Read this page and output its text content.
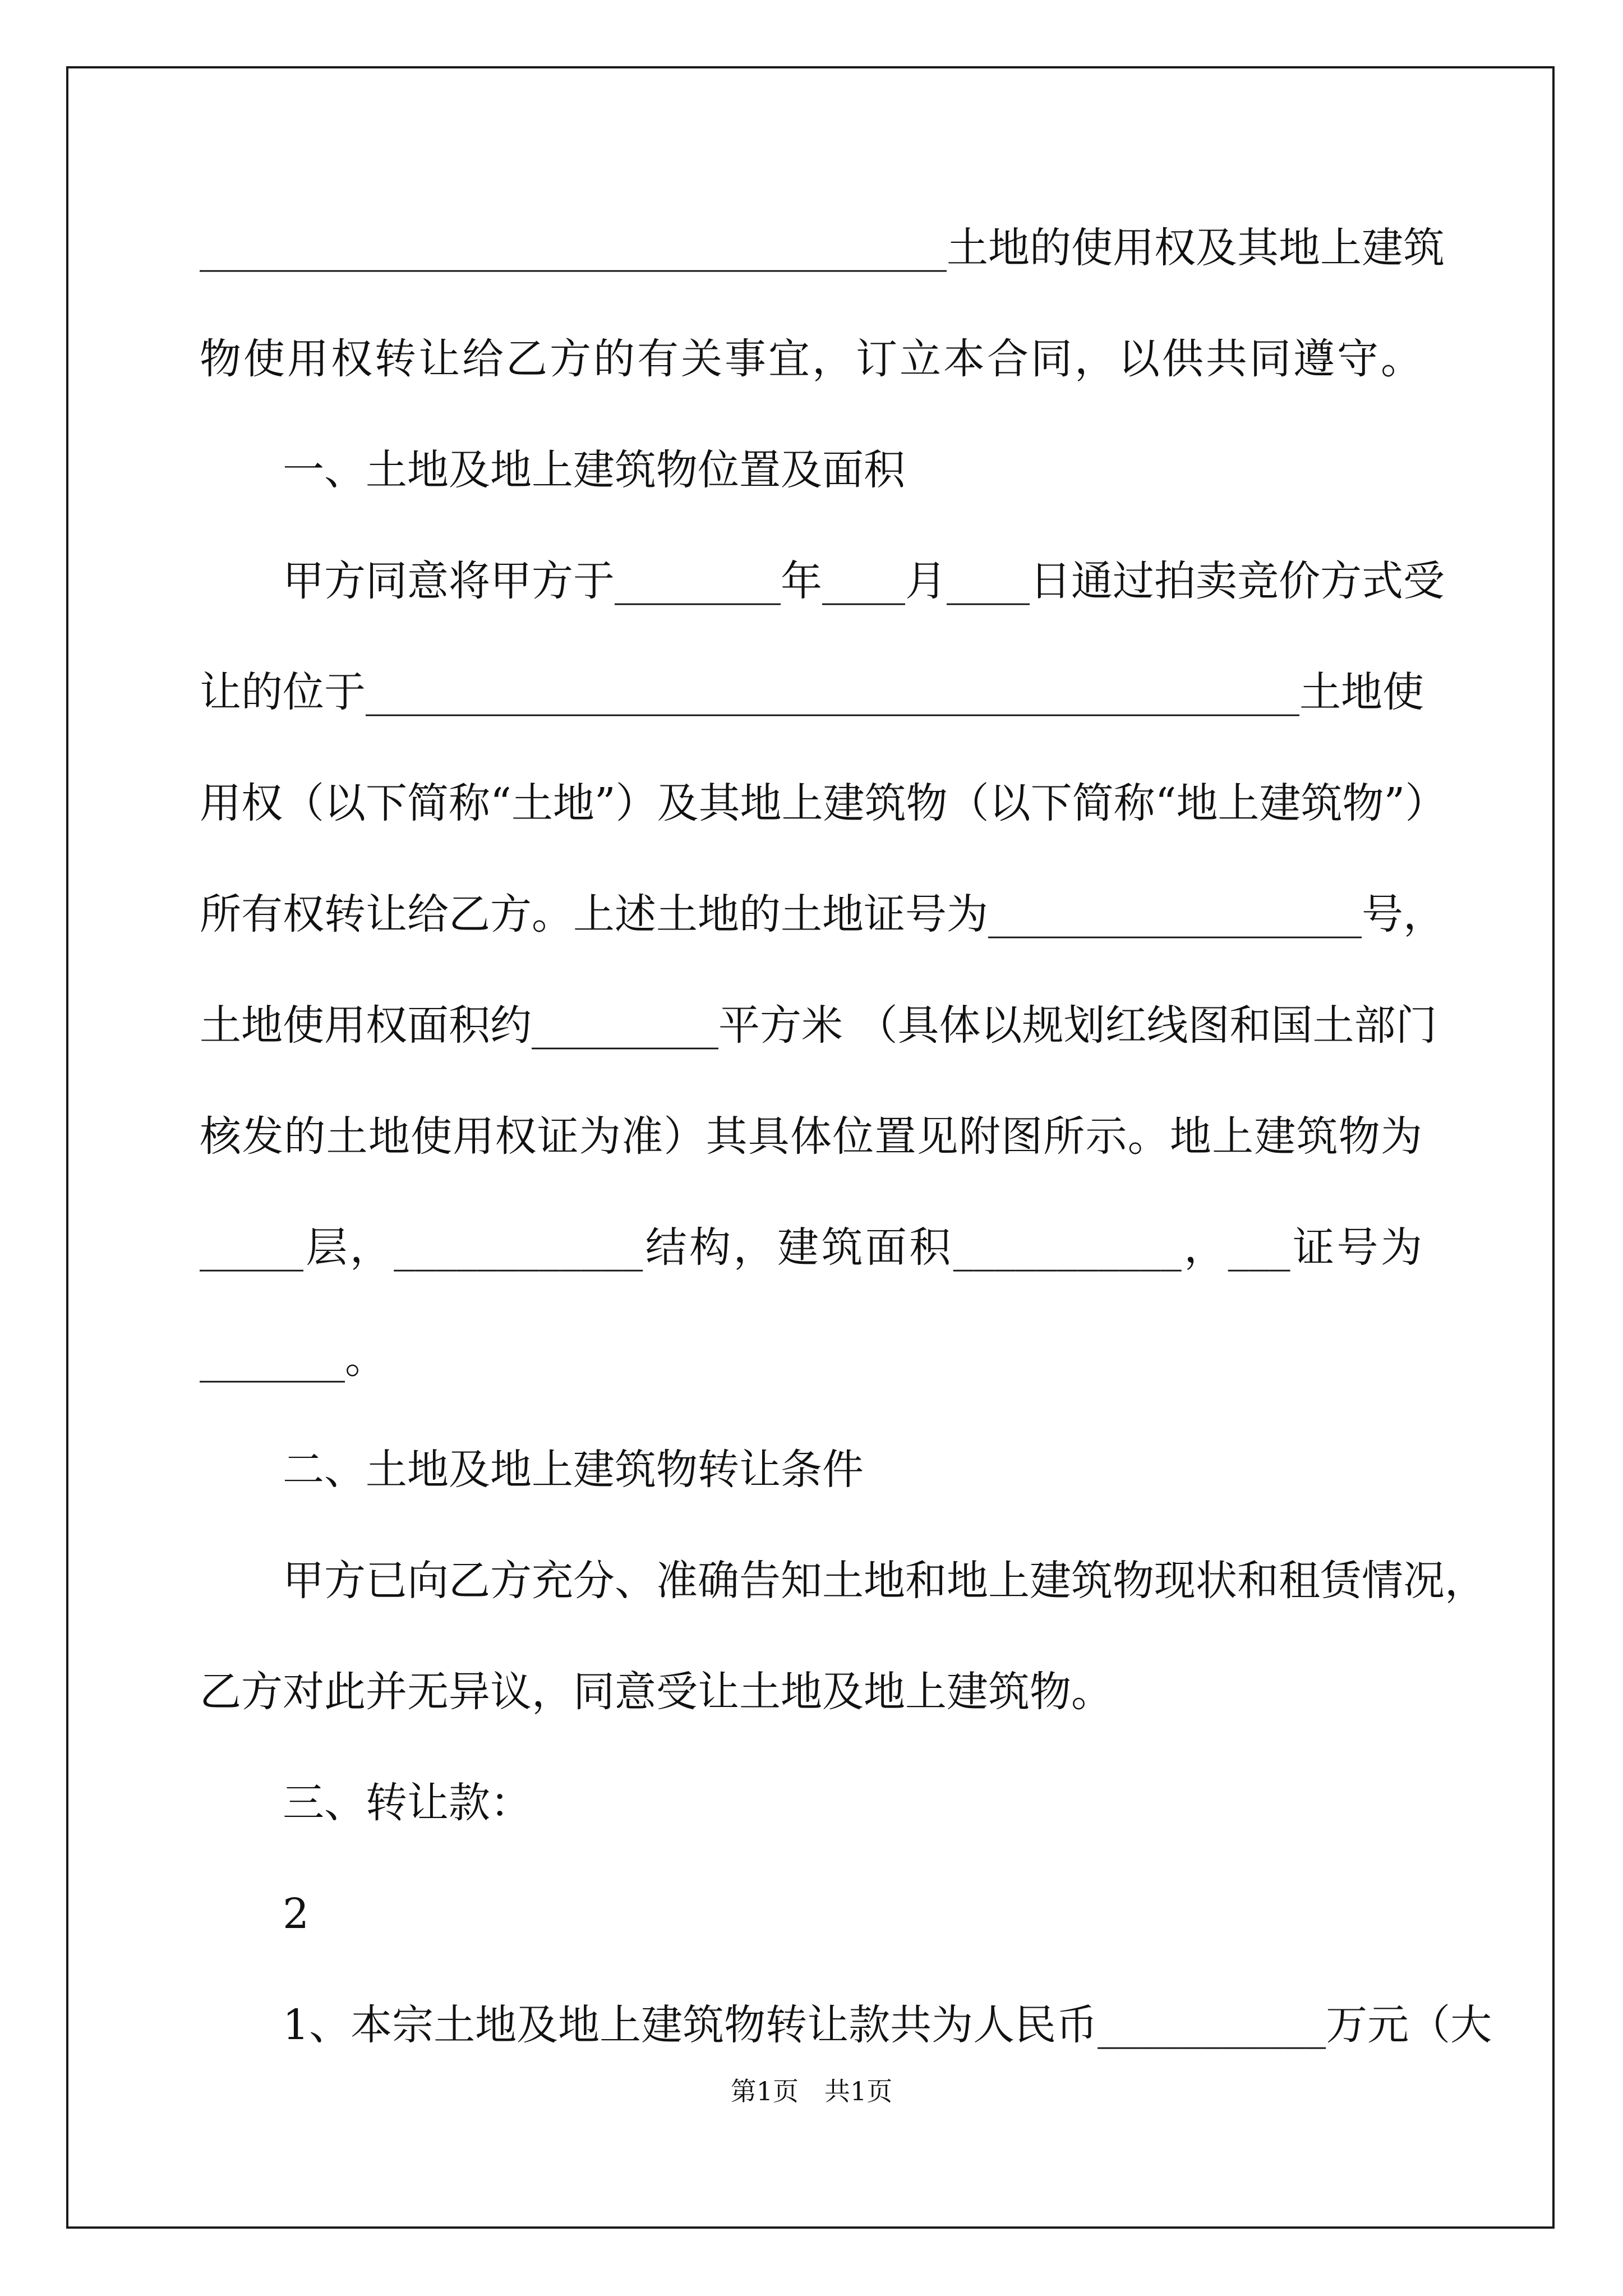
____________________________________土地的使用权及其地上建筑
物使用权转让给乙方的有关事宜，订立本合同，以供共同遵守。
一、土地及地上建筑物位置及面积
甲方同意将甲方于________年____月____日通过拍卖竞价方式受
让的位于_____________________________________________土地使
用权（以下简称“土地”）及其地上建筑物（以下简称“地上建筑物”）
所有权转让给乙方。上述土地的土地证号为__________________号，
土地使用权面积约_________平方米 （具体以规划红线图和国土部门
核发的土地使用权证为准）其具体位置见附图所示。地上建筑物为
_____层，____________结构，建筑面积___________，___证号为
_______。
二、土地及地上建筑物转让条件
甲方已向乙方充分、准确告知土地和地上建筑物现状和租赁情况，
乙方对此并无异议，同意受让土地及地上建筑物。
三、转让款：
2
1、本宗土地及地上建筑物转让款共为人民币___________万元（大
第1页　共1页
